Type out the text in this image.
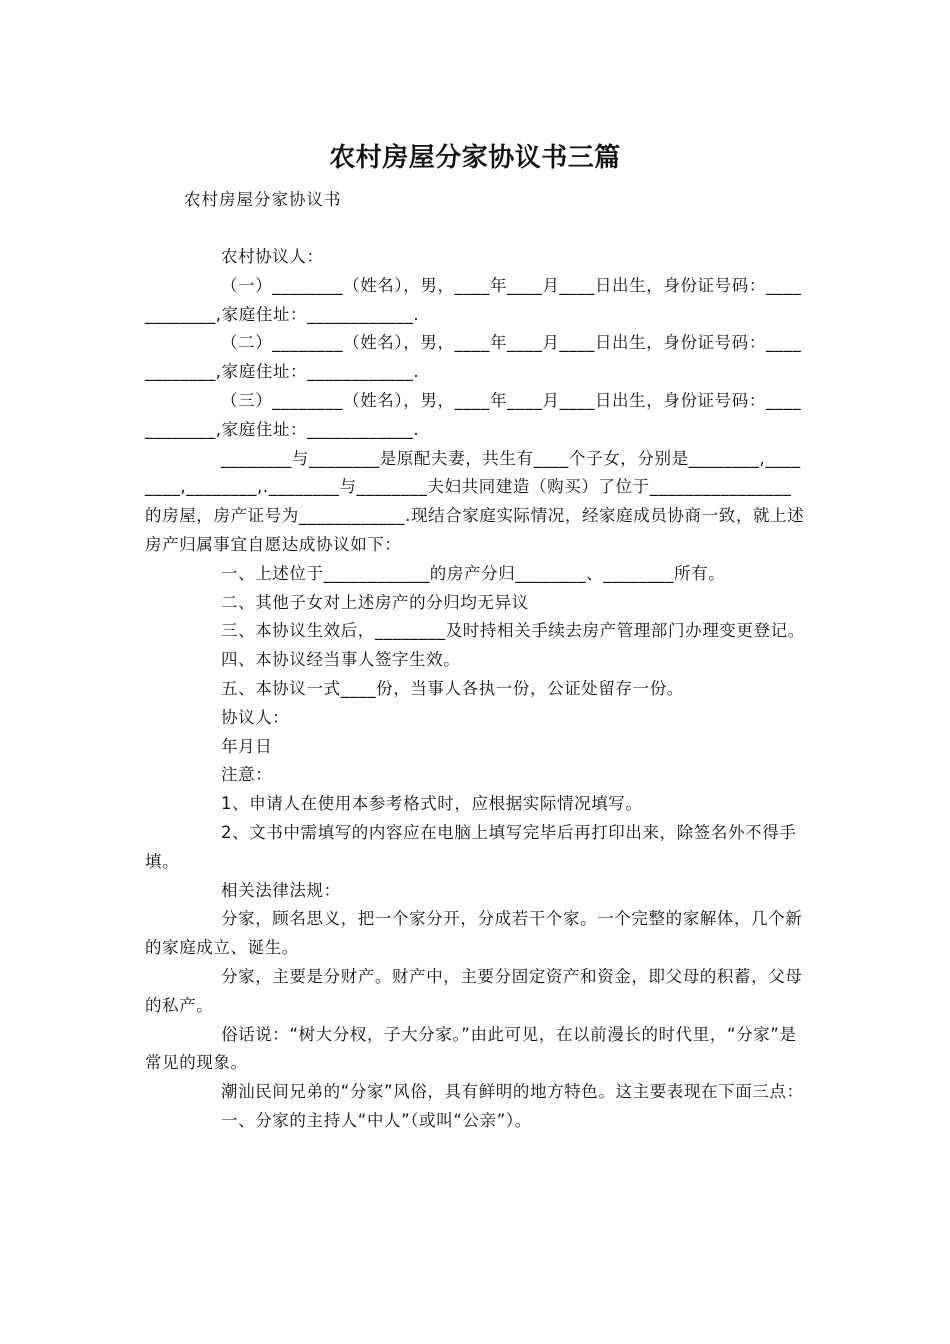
农村房屋分家协议书三篇
农村房屋分家协议书

农村协议人：

（一）________（姓名），男，____年____月____日出生，身份证号码：____________,家庭住址：____________.

（二）________（姓名），男，____年____月____日出生，身份证号码：____________,家庭住址：____________.

（三）________（姓名），男，____年____月____日出生，身份证号码：____________,家庭住址：____________.

________与________是原配夫妻，共生有____个子女，分别是________,________,________,.________与________夫妇共同建造（购买）了位于________________的房屋，房产证号为____________.现结合家庭实际情况，经家庭成员协商一致，就上述房产归属事宜自愿达成协议如下：

一、上述位于____________的房产分归________、________所有。

二、其他子女对上述房产的分归均无异议

三、本协议生效后，________及时持相关手续去房产管理部门办理变更登记。

四、本协议经当事人签字生效。

五、本协议一式____份，当事人各执一份，公证处留存一份。

协议人：

年月日

注意：

1、申请人在使用本参考格式时，应根据实际情况填写。

2、文书中需填写的内容应在电脑上填写完毕后再打印出来，除签名外不得手填。

相关法律法规：

分家，顾名思义，把一个家分开，分成若干个家。一个完整的家解体，几个新的家庭成立、诞生。

分家，主要是分财产。财产中，主要分固定资产和资金，即父母的积蓄，父母的私产。

俗话说：“树大分杈，子大分家。”由此可见，在以前漫长的时代里，“分家”是常见的现象。

潮汕民间兄弟的“分家”风俗，具有鲜明的地方特色。这主要表现在下面三点：

一、分家的主持人“中人”（或叫“公亲”）。
